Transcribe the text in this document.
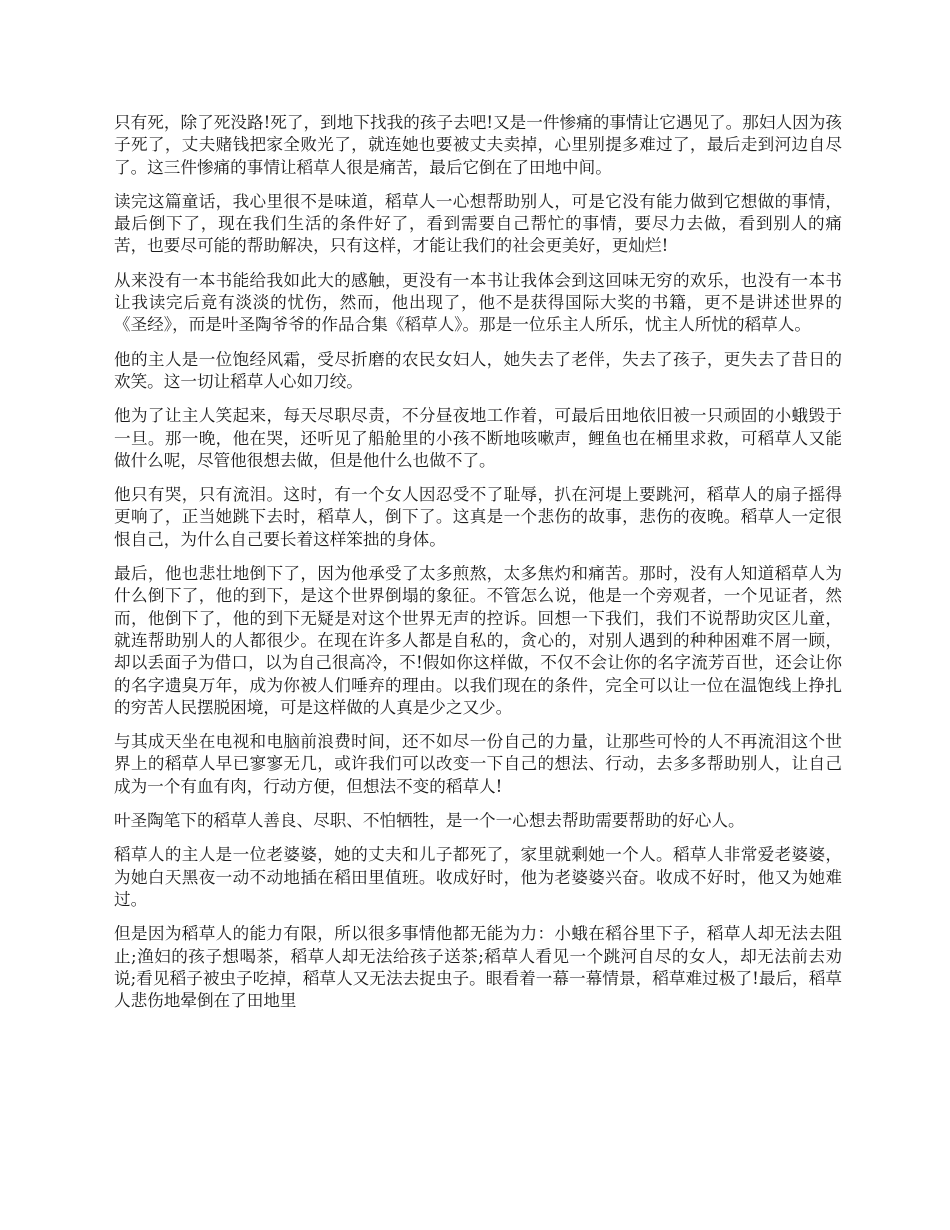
只有死，除了死没路!死了，到地下找我的孩子去吧!又是一件惨痛的事情让它遇见了。那妇人因为孩子死了，丈夫赌钱把家全败光了，就连她也要被丈夫卖掉，心里别提多难过了，最后走到河边自尽了。这三件惨痛的事情让稻草人很是痛苦，最后它倒在了田地中间。

读完这篇童话，我心里很不是味道，稻草人一心想帮助别人，可是它没有能力做到它想做的事情，最后倒下了，现在我们生活的条件好了，看到需要自己帮忙的事情，要尽力去做，看到别人的痛苦，也要尽可能的帮助解决，只有这样，才能让我们的社会更美好，更灿烂!

从来没有一本书能给我如此大的感触，更没有一本书让我体会到这回味无穷的欢乐，也没有一本书让我读完后竟有淡淡的忧伤，然而，他出现了，他不是获得国际大奖的书籍，更不是讲述世界的《圣经》，而是叶圣陶爷爷的作品合集《稻草人》。那是一位乐主人所乐，忧主人所忧的稻草人。

他的主人是一位饱经风霜，受尽折磨的农民女妇人，她失去了老伴，失去了孩子，更失去了昔日的欢笑。这一切让稻草人心如刀绞。

他为了让主人笑起来，每天尽职尽责，不分昼夜地工作着，可最后田地依旧被一只顽固的小蛾毁于一旦。那一晚，他在哭，还听见了船舱里的小孩不断地咳嗽声，鲤鱼也在桶里求救，可稻草人又能做什么呢，尽管他很想去做，但是他什么也做不了。

他只有哭，只有流泪。这时，有一个女人因忍受不了耻辱，扒在河堤上要跳河，稻草人的扇子摇得更响了，正当她跳下去时，稻草人，倒下了。这真是一个悲伤的故事，悲伤的夜晚。稻草人一定很恨自己，为什么自己要长着这样笨拙的身体。

最后，他也悲壮地倒下了，因为他承受了太多煎熬，太多焦灼和痛苦。那时，没有人知道稻草人为什么倒下了，他的到下，是这个世界倒塌的象征。不管怎么说，他是一个旁观者，一个见证者，然而，他倒下了，他的到下无疑是对这个世界无声的控诉。回想一下我们，我们不说帮助灾区儿童，就连帮助别人的人都很少。在现在许多人都是自私的，贪心的，对别人遇到的种种困难不屑一顾，却以丢面子为借口，以为自己很高冷，不!假如你这样做，不仅不会让你的名字流芳百世，还会让你的名字遗臭万年，成为你被人们唾弃的理由。以我们现在的条件，完全可以让一位在温饱线上挣扎的穷苦人民摆脱困境，可是这样做的人真是少之又少。

与其成天坐在电视和电脑前浪费时间，还不如尽一份自己的力量，让那些可怜的人不再流泪这个世界上的稻草人早已寥寥无几，或许我们可以改变一下自己的想法、行动，去多多帮助别人，让自己成为一个有血有肉，行动方便，但想法不变的稻草人!

叶圣陶笔下的稻草人善良、尽职、不怕牺牲，是一个一心想去帮助需要帮助的好心人。

稻草人的主人是一位老婆婆，她的丈夫和儿子都死了，家里就剩她一个人。稻草人非常爱老婆婆，为她白天黑夜一动不动地插在稻田里值班。收成好时，他为老婆婆兴奋。收成不好时，他又为她难过。

但是因为稻草人的能力有限，所以很多事情他都无能为力：小蛾在稻谷里下子，稻草人却无法去阻止;渔妇的孩子想喝茶，稻草人却无法给孩子送茶;稻草人看见一个跳河自尽的女人，却无法前去劝说;看见稻子被虫子吃掉，稻草人又无法去捉虫子。眼看着一幕一幕情景，稻草难过极了!最后，稻草人悲伤地晕倒在了田地里
